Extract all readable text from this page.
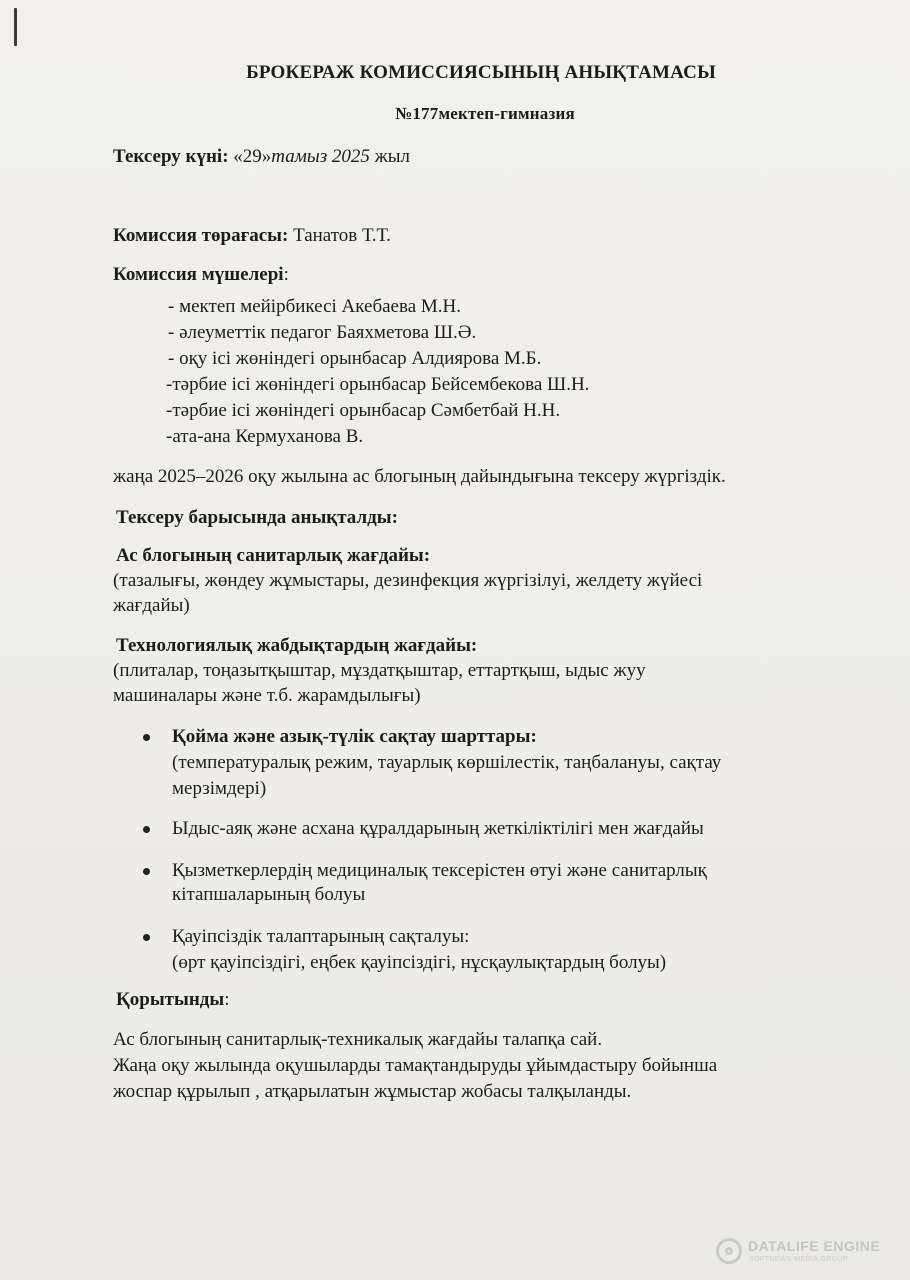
БРОКЕРАЖ КОМИССИЯСЫНЫҢ АНЫҚТАМАСЫ
№177мектеп-гимназия
Тексеру күні: «29»тамыз 2025 жыл
Комиссия төрағасы: Танатов Т.Т.
Комиссия мүшелері:
- мектеп мейірбикесі Акебаева М.Н.
- әлеуметтік педагог Баяхметова Ш.Ә.
- оқу ісі жөніндегі орынбасар Алдиярова М.Б.
-тәрбие ісі жөніндегі орынбасар Бейсембекова Ш.Н.
-тәрбие ісі жөніндегі орынбасар Сәмбетбай Н.Н.
-ата-ана Кермуханова В.
жаңа 2025–2026 оқу жылына ас блогының дайындығына тексеру жүргіздік.
Тексеру барысында анықталды:
Ас блогының санитарлық жағдайы:
(тазалығы, жөндеу жұмыстары, дезинфекция жүргізілуі, желдету жүйесі
жағдайы)
Технологиялық жабдықтардың жағдайы:
(плиталар, тоңазытқыштар, мұздатқыштар, еттартқыш, ыдыс жуу
машиналары және т.б. жарамдылығы)
Қойма және азық-түлік сақтау шарттары:
(температуралық режим, тауарлық көршілестік, таңбалануы, сақтау
мерзімдері)
Ыдыс-аяқ және асхана құралдарының жеткіліктілігі мен жағдайы
Қызметкерлердің медициналық тексерістен өтуі және санитарлық
кітапшаларының болуы
Қауіпсіздік талаптарының сақталуы:
(өрт қауіпсіздігі, еңбек қауіпсіздігі, нұсқаулықтардың болуы)
Қорытынды:
Ас блогының санитарлық-техникалық жағдайы талапқа сай.
Жаңа оқу жылында оқушыларды тамақтандыруды ұйымдастыру бойынша
жоспар құрылып , атқарылатын жұмыстар жобасы талқыланды.
DATALIFE ENGINE
SOFTNEWS MEDIA GROUP
